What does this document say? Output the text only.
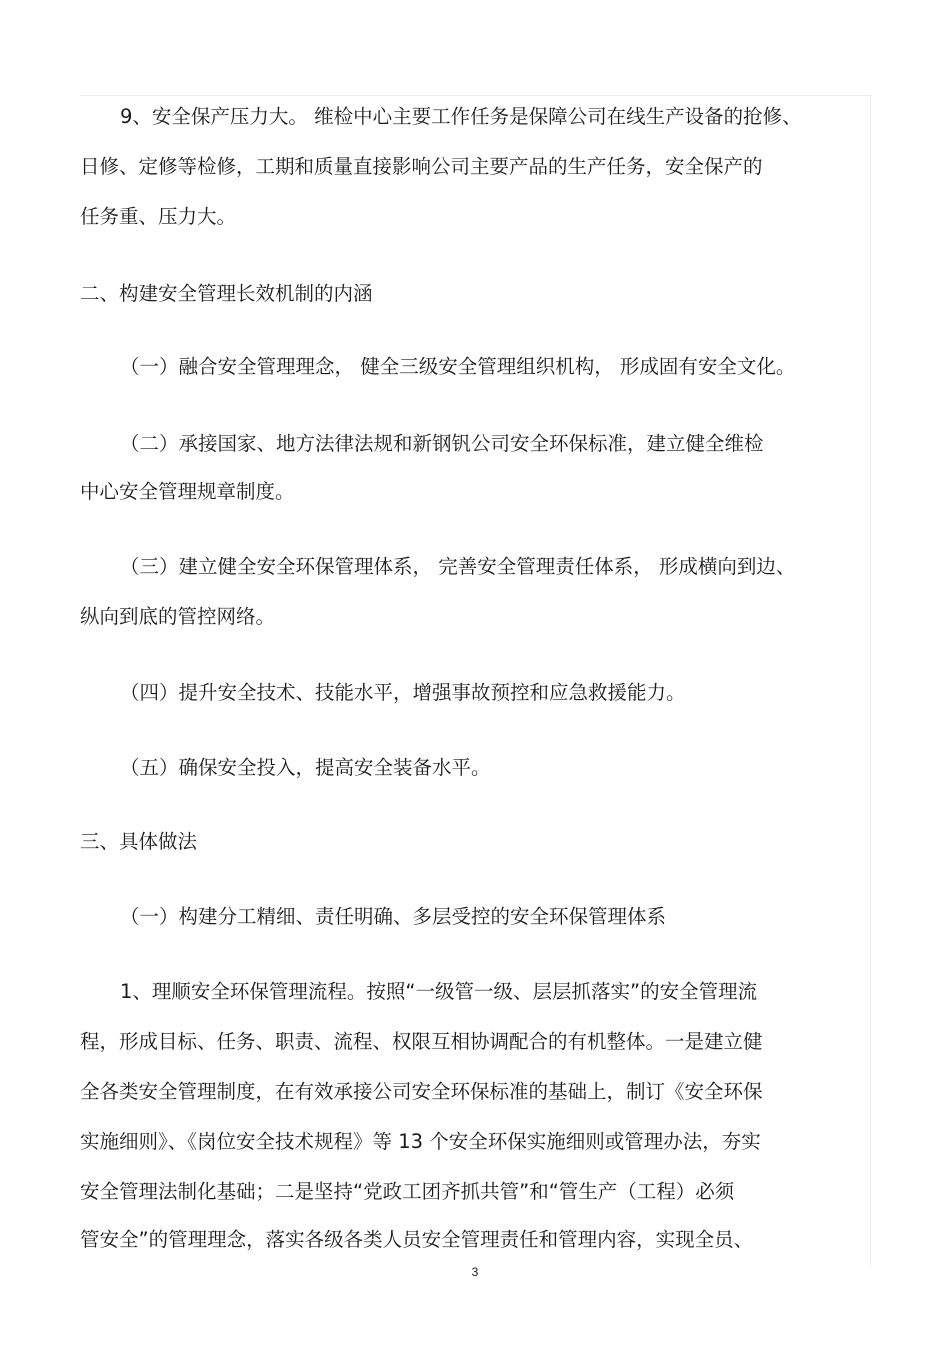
9、安全保产压力大。 维检中心主要工作任务是保障公司在线生产设备的抢修、
日修、定修等检修，工期和质量直接影响公司主要产品的生产任务，安全保产的
任务重、压力大。
二、构建安全管理长效机制的内涵
（一）融合安全管理理念， 健全三级安全管理组织机构， 形成固有安全文化。
（二）承接国家、地方法律法规和新钢钒公司安全环保标准，建立健全维检
中心安全管理规章制度。
（三）建立健全安全环保管理体系， 完善安全管理责任体系， 形成横向到边、
纵向到底的管控网络。
（四）提升安全技术、技能水平，增强事故预控和应急救援能力。
（五）确保安全投入，提高安全装备水平。
三、具体做法
（一）构建分工精细、责任明确、多层受控的安全环保管理体系
1、理顺安全环保管理流程。按照“一级管一级、层层抓落实”的安全管理流
程，形成目标、任务、职责、流程、权限互相协调配合的有机整体。一是建立健
全各类安全管理制度，在有效承接公司安全环保标准的基础上，制订《安全环保
实施细则》、《岗位安全技术规程》等 13 个安全环保实施细则或管理办法，夯实
安全管理法制化基础；二是坚持“党政工团齐抓共管”和“管生产（工程）必须
管安全”的管理理念，落实各级各类人员安全管理责任和管理内容，实现全员、
3
